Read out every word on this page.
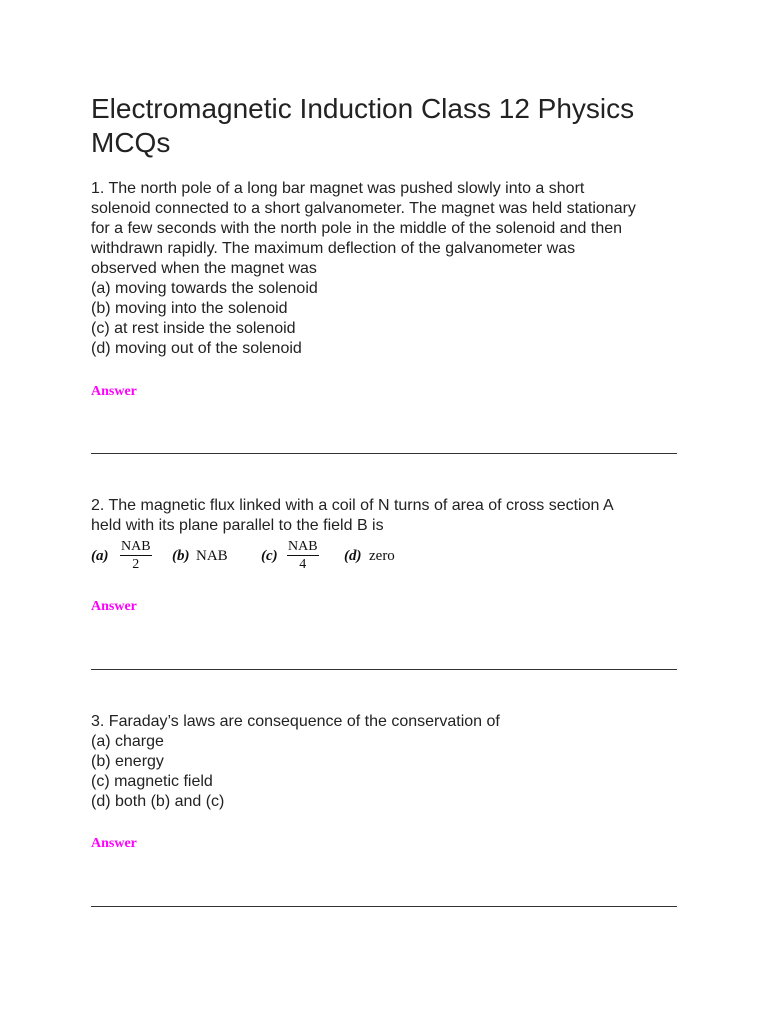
Electromagnetic Induction Class 12 Physics MCQs
1. The north pole of a long bar magnet was pushed slowly into a short
solenoid connected to a short galvanometer. The magnet was held stationary
for a few seconds with the north pole in the middle of the solenoid and then
withdrawn rapidly. The maximum deflection of the galvanometer was
observed when the magnet was
(a) moving towards the solenoid
(b) moving into the solenoid
(c) at rest inside the solenoid
(d) moving out of the solenoid
Answer
2. The magnetic flux linked with a coil of N turns of area of cross section A
held with its plane parallel to the field B is
(a)
NAB
2
(b) NAB (c)
NAB
4
(d) zero
Answer
3. Faraday’s laws are consequence of the conservation of
(a) charge
(b) energy
(c) magnetic field
(d) both (b) and (c)
Answer
